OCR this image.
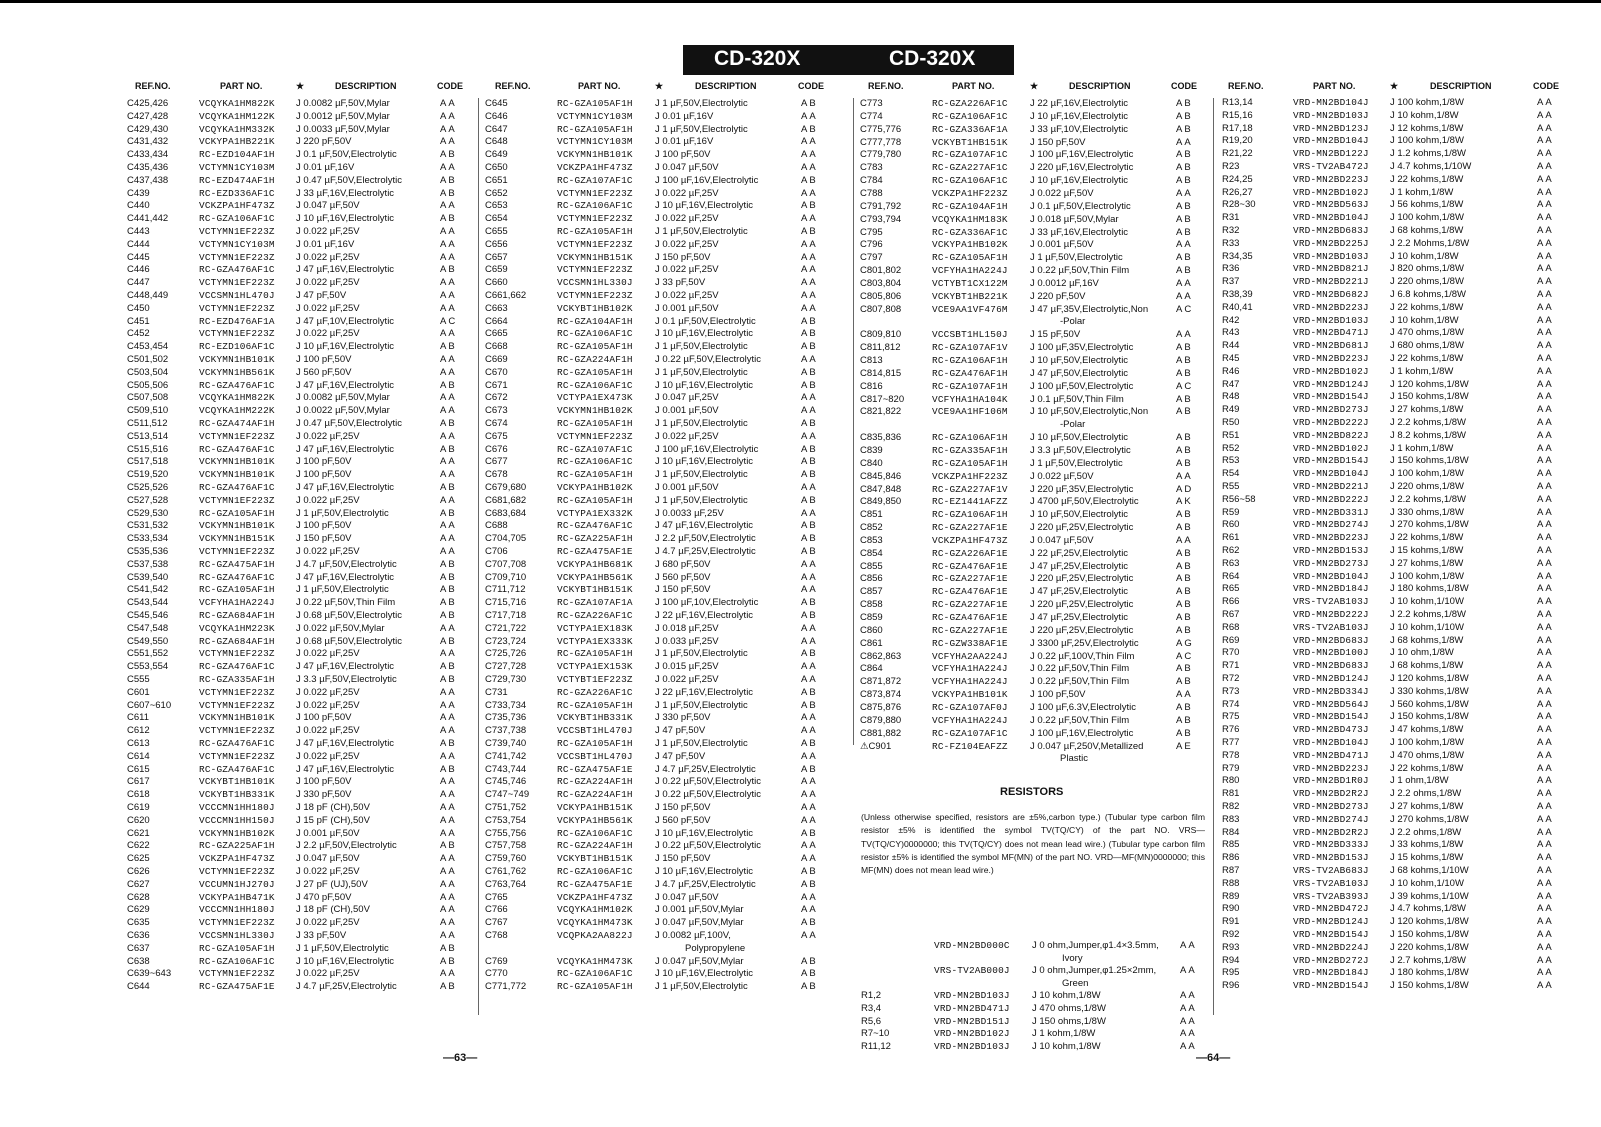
CD-320X	CD-320X
REF.NO.	PART NO.	★	DESCRIPTION	CODE	REF.NO.	PART NO.	★	DESCRIPTION	CODE	REF.NO.	PART NO.	★	DESCRIPTION	CODE	REF.NO.	PART NO.	★	DESCRIPTION	CODE
C425,426	VCQYKA1HM822K J 0.0082 µF,50V,Mylar	AA
C427,428	VCQYKA1HM122K J 0.0012 µF,50V,Mylar	AA
C429,430	VCQYKA1HM332K J 0.0033 µF,50V,Mylar	AA
C431,432	VCKYPA1HB221K J 220 pF,50V	AA
C433,434	RC-EZD104AF1H J 0.1 µF,50V,Electrolytic	AB
C435,436	VCTYMN1CY103M J 0.01 µF,16V	AA
C437,438	RC-EZD474AF1H J 0.47 µF,50V,Electrolytic	AB
C439	RC-EZD336AF1C J 33 µF,16V,Electrolytic	AB
C440	VCKZPA1HF473Z J 0.047 µF,50V	AA
C441,442	RC-GZA106AF1C J 10 µF,16V,Electrolytic	AB
C443	VCTYMN1EF223Z J 0.022 µF,25V	AA
C444	VCTYMN1CY103M J 0.01 µF,16V	AA
C445	VCTYMN1EF223Z J 0.022 µF,25V	AA
C446	RC-GZA476AF1C J 47 µF,16V,Electrolytic	AB
C447	VCTYMN1EF223Z J 0.022 µF,25V	AA
C448,449	VCCSMN1HL470J J 47 pF,50V	AA
C450	VCTYMN1EF223Z J 0.022 µF,25V	AA
C451	RC-EZD476AF1A J 47 µF,10V,Electrolytic	AC
C452	VCTYMN1EF223Z J 0.022 µF,25V	AA
C453,454	RC-EZD106AF1C J 10 µF,16V,Electrolytic	AB
C501,502	VCKYMN1HB101K J 100 pF,50V	AA
C503,504	VCKYMN1HB561K J 560 pF,50V	AA
C505,506	RC-GZA476AF1C J 47 µF,16V,Electrolytic	AB
C507,508	VCQYKA1HM822K J 0.0082 µF,50V,Mylar	AA
C509,510	VCQYKA1HM222K J 0.0022 µF,50V,Mylar	AA
C511,512	RC-GZA474AF1H J 0.47 µF,50V,Electrolytic	AB
C513,514	VCTYMN1EF223Z J 0.022 µF,25V	AA
C515,516	RC-GZA476AF1C J 47 µF,16V,Electrolytic	AB
C517,518	VCKYMN1HB101K J 100 pF,50V	AA
C519,520	VCKYMN1HB101K J 100 pF,50V	AA
C525,526	RC-GZA476AF1C J 47 µF,16V,Electrolytic	AB
C527,528	VCTYMN1EF223Z J 0.022 µF,25V	AA
C529,530	RC-GZA105AF1H J 1 µF,50V,Electrolytic	AB
C531,532	VCKYMN1HB101K J 100 pF,50V	AA
C533,534	VCKYMN1HB151K J 150 pF,50V	AA
C535,536	VCTYMN1EF223Z J 0.022 µF,25V	AA
C537,538	RC-GZA475AF1H J 4.7 µF,50V,Electrolytic	AB
C539,540	RC-GZA476AF1C J 47 µF,16V,Electrolytic	AB
C541,542	RC-GZA105AF1H J 1 µF,50V,Electrolytic	AB
C543,544	VCFYHA1HA224J J 0.22 µF,50V,Thin Film	AB
C545,546	RC-GZA684AF1H J 0.68 µF,50V,Electrolytic	AB
C547,548	VCQYKA1HM223K J 0.022 µF,50V,Mylar	AA
C549,550	RC-GZA684AF1H J 0.68 µF,50V,Electrolytic	AB
C551,552	VCTYMN1EF223Z J 0.022 µF,25V	AA
C553,554	RC-GZA476AF1C J 47 µF,16V,Electrolytic	AB
C555	RC-GZA335AF1H J 3.3 µF,50V,Electrolytic	AB
C601	VCTYMN1EF223Z J 0.022 µF,25V	AA
C607~610	VCTYMN1EF223Z J 0.022 µF,25V	AA
C611	VCKYMN1HB101K J 100 pF,50V	AA
C612	VCTYMN1EF223Z J 0.022 µF,25V	AA
C613	RC-GZA476AF1C J 47 µF,16V,Electrolytic	AB
C614	VCTYMN1EF223Z J 0.022 µF,25V	AA
C615	RC-GZA476AF1C J 47 µF,16V,Electrolytic	AB
C617	VCKYBT1HB101K J 100 pF,50V	AA
C618	VCKYBT1HB331K J 330 pF,50V	AA
C619	VCCCMN1HH180J J 18 pF (CH),50V	AA
C620	VCCCMN1HH150J J 15 pF (CH),50V	AA
C621	VCKYMN1HB102K J 0.001 µF,50V	AA
C622	RC-GZA225AF1H J 2.2 µF,50V,Electrolytic	AB
C625	VCKZPA1HF473Z J 0.047 µF,50V	AA
C626	VCTYMN1EF223Z J 0.022 µF,25V	AA
C627	VCCUMN1HJ270J J 27 pF (UJ),50V	AA
C628	VCKYPA1HB471K J 470 pF,50V	AA
C629	VCCCMN1HH180J J 18 pF (CH),50V	AA
C635	VCTYMN1EF223Z J 0.022 µF,25V	AA
C636	VCCSMN1HL330J J 33 pF,50V	AA
C637	RC-GZA105AF1H J 1 µF,50V,Electrolytic	AB
C638	RC-GZA106AF1C J 10 µF,16V,Electrolytic	AB
C639~643	VCTYMN1EF223Z J 0.022 µF,25V	AA
C644	RC-GZA475AF1E J 4.7 µF,25V,Electrolytic	AB
C645	RC-GZA105AF1H J 1 µF,50V,Electrolytic	AB
C646	VCTYMN1CY103M J 0.01 µF,16V	AA
C647	RC-GZA105AF1H J 1 µF,50V,Electrolytic	AB
C648	VCTYMN1CY103M J 0.01 µF,16V	AA
C649	VCKYMN1HB101K J 100 pF,50V	AA
C650	VCKZPA1HF473Z J 0.047 µF,50V	AA
C651	RC-GZA107AF1C J 100 µF,16V,Electrolytic	AB
C652	VCTYMN1EF223Z J 0.022 µF,25V	AA
C653	RC-GZA106AF1C J 10 µF,16V,Electrolytic	AB
C654	VCTYMN1EF223Z J 0.022 µF,25V	AA
C655	RC-GZA105AF1H J 1 µF,50V,Electrolytic	AB
C656	VCTYMN1EF223Z J 0.022 µF,25V	AA
C657	VCKYMN1HB151K J 150 pF,50V	AA
C659	VCTYMN1EF223Z J 0.022 µF,25V	AA
C660	VCCSMN1HL330J J 33 pF,50V	AA
C661,662	VCTYMN1EF223Z J 0.022 µF,25V	AA
C663	VCKYBT1HB102K J 0.001 µF,50V	AA
C664	RC-GZA104AF1H J 0.1 µF,50V,Electrolytic	AB
C665	RC-GZA106AF1C J 10 µF,16V,Electrolytic	AB
C668	RC-GZA105AF1H J 1 µF,50V,Electrolytic	AB
C669	RC-GZA224AF1H J 0.22 µF,50V,Electrolytic	AA
C670	RC-GZA105AF1H J 1 µF,50V,Electrolytic	AB
C671	RC-GZA106AF1C J 10 µF,16V,Electrolytic	AB
C672	VCTYPA1EX473K J 0.047 µF,25V	AA
C673	VCKYMN1HB102K J 0.001 µF,50V	AA
C674	RC-GZA105AF1H J 1 µF,50V,Electrolytic	AB
C675	VCTYMN1EF223Z J 0.022 µF,25V	AA
C676	RC-GZA107AF1C J 100 µF,16V,Electrolytic	AB
C677	RC-GZA106AF1C J 10 µF,16V,Electrolytic	AB
C678	RC-GZA105AF1H J 1 µF,50V,Electrolytic	AB
C679,680	VCKYPA1HB102K J 0.001 µF,50V	AA
C681,682	RC-GZA105AF1H J 1 µF,50V,Electrolytic	AB
C683,684	VCTYPA1EX332K J 0.0033 µF,25V	AA
C688	RC-GZA476AF1C J 47 µF,16V,Electrolytic	AB
C704,705	RC-GZA225AF1H J 2.2 µF,50V,Electrolytic	AB
C706	RC-GZA475AF1E J 4.7 µF,25V,Electrolytic	AB
C707,708	VCKYPA1HB681K J 680 pF,50V	AA
C709,710	VCKYPA1HB561K J 560 pF,50V	AA
C711,712	VCKYBT1HB151K J 150 pF,50V	AA
C715,716	RC-GZA107AF1A J 100 µF,10V,Electrolytic	AB
C717,718	RC-GZA226AF1C J 22 µF,16V,Electrolytic	AB
C721,722	VCTYPA1EX183K J 0.018 µF,25V	AA
C723,724	VCTYPA1EX333K J 0.033 µF,25V	AA
C725,726	RC-GZA105AF1H J 1 µF,50V,Electrolytic	AB
C727,728	VCTYPA1EX153K J 0.015 µF,25V	AA
C729,730	VCTYBT1EF223Z J 0.022 µF,25V	AA
C731	RC-GZA226AF1C J 22 µF,16V,Electrolytic	AB
C733,734	RC-GZA105AF1H J 1 µF,50V,Electrolytic	AB
C735,736	VCKYBT1HB331K J 330 pF,50V	AA
C737,738	VCCSBT1HL470J J 47 pF,50V	AA
C739,740	RC-GZA105AF1H J 1 µF,50V,Electrolytic	AB
C741,742	VCCSBT1HL470J J 47 pF,50V	AA
C743,744	RC-GZA475AF1E J 4.7 µF,25V,Electrolytic	AB
C745,746	RC-GZA224AF1H J 0.22 µF,50V,Electrolytic	AA
C747~749	RC-GZA224AF1H J 0.22 µF,50V,Electrolytic	AA
C751,752	VCKYPA1HB151K J 150 pF,50V	AA
C753,754	VCKYPA1HB561K J 560 pF,50V	AA
C755,756	RC-GZA106AF1C J 10 µF,16V,Electrolytic	AB
C757,758	RC-GZA224AF1H J 0.22 µF,50V,Electrolytic	AA
C759,760	VCKYBT1HB151K J 150 pF,50V	AA
C761,762	RC-GZA106AF1C J 10 µF,16V,Electrolytic	AB
C763,764	RC-GZA475AF1E J 4.7 µF,25V,Electrolytic	AB
C765	VCKZPA1HF473Z J 0.047 µF,50V	AA
C766	VCQYKA1HM102K J 0.001 µF,50V,Mylar	AA
C767	VCQYKA1HM473K J 0.047 µF,50V,Mylar	AB
C768	VCQPKA2AA822J J 0.0082 µF,100V,	AA
Polypropylene
C769	VCQYKA1HM473K J 0.047 µF,50V,Mylar	AB
C770	RC-GZA106AF1C J 10 µF,16V,Electrolytic	AB
C771,772	RC-GZA105AF1H J 1 µF,50V,Electrolytic	AB
C773	RC-GZA226AF1C J 22 µF,16V,Electrolytic	AB
C774	RC-GZA106AF1C J 10 µF,16V,Electrolytic	AB
C775,776	RC-GZA336AF1A J 33 µF,10V,Electrolytic	AB
C777,778	VCKYBT1HB151K J 150 pF,50V	AA
C779,780	RC-GZA107AF1C J 100 µF,16V,Electrolytic	AB
C783	RC-GZA227AF1C J 220 µF,16V,Electrolytic	AB
C784	RC-GZA106AF1C J 10 µF,16V,Electrolytic	AB
C788	VCKZPA1HF223Z J 0.022 µF,50V	AA
C791,792	RC-GZA104AF1H J 0.1 µF,50V,Electrolytic	AB
C793,794	VCQYKA1HM183K J 0.018 µF,50V,Mylar	AB
C795	RC-GZA336AF1C J 33 µF,16V,Electrolytic	AB
C796	VCKYPA1HB102K J 0.001 µF,50V	AA
C797	RC-GZA105AF1H J 1 µF,50V,Electrolytic	AB
C801,802	VCFYHA1HA224J J 0.22 µF,50V,Thin Film	AB
C803,804	VCTYBT1CX122M J 0.0012 µF,16V	AA
C805,806	VCKYBT1HB221K J 220 pF,50V	AA
C807,808	VCE9AA1VF476M J 47 µF,35V,Electrolytic,Non	AC
-Polar
C809,810	VCCSBT1HL150J J 15 pF,50V	AA
C811,812	RC-GZA107AF1V J 100 µF,35V,Electrolytic	AB
C813	RC-GZA106AF1H J 10 µF,50V,Electrolytic	AB
C814,815	RC-GZA476AF1H J 47 µF,50V,Electrolytic	AB
C816	RC-GZA107AF1H J 100 µF,50V,Electrolytic	AC
C817~820	VCFYHA1HA104K J 0.1 µF,50V,Thin Film	AB
C821,822	VCE9AA1HF106M J 10 µF,50V,Electrolytic,Non	AB
-Polar
C835,836	RC-GZA106AF1H J 10 µF,50V,Electrolytic	AB
C839	RC-GZA335AF1H J 3.3 µF,50V,Electrolytic	AB
C840	RC-GZA105AF1H J 1 µF,50V,Electrolytic	AB
C845,846	VCKZPA1HF223Z J 0.022 µF,50V	AA
C847,848	RC-GZA227AF1V J 220 µF,35V,Electrolytic	AD
C849,850	RC-EZ1441AFZZ J 4700 µF,50V,Electrolytic	AK
C851	RC-GZA106AF1H J 10 µF,50V,Electrolytic	AB
C852	RC-GZA227AF1E J 220 µF,25V,Electrolytic	AB
C853	VCKZPA1HF473Z J 0.047 µF,50V	AA
C854	RC-GZA226AF1E J 22 µF,25V,Electrolytic	AB
C855	RC-GZA476AF1E J 47 µF,25V,Electrolytic	AB
C856	RC-GZA227AF1E J 220 µF,25V,Electrolytic	AB
C857	RC-GZA476AF1E J 47 µF,25V,Electrolytic	AB
C858	RC-GZA227AF1E J 220 µF,25V,Electrolytic	AB
C859	RC-GZA476AF1E J 47 µF,25V,Electrolytic	AB
C860	RC-GZA227AF1E J 220 µF,25V,Electrolytic	AB
C861	RC-GZW338AF1E J 3300 µF,25V,Electrolytic	AG
C862,863	VCFYHA2AA224J J 0.22 µF,100V,Thin Film	AC
C864	VCFYHA1HA224J J 0.22 µF,50V,Thin Film	AB
C871,872	VCFYHA1HA224J J 0.22 µF,50V,Thin Film	AB
C873,874	VCKYPA1HB101K J 100 pF,50V	AA
C875,876	RC-GZA107AF0J J 100 µF,6.3V,Electrolytic	AB
C879,880	VCFYHA1HA224J J 0.22 µF,50V,Thin Film	AB
C881,882	RC-GZA107AF1C J 100 µF,16V,Electrolytic	AB
⚠C901	RC-FZ104EAFZZ J 0.047 µF,250V,Metallized	AE
Plastic
VRD-MN2BD000C J 0 ohm,Jumper,φ1.4×3.5mm, AA
Ivory
VRS-TV2AB000J J 0 ohm,Jumper,φ1.25×2mm,	AA
Green
R1,2	VRD-MN2BD103J J 10 kohm,1/8W	AA
R3,4	VRD-MN2BD471J J 470 ohms,1/8W	AA
R5,6	VRD-MN2BD151J J 150 ohms,1/8W	AA
R7~10	VRD-MN2BD102J J 1 kohm,1/8W	AA
R11,12	VRD-MN2BD103J J 10 kohm,1/8W	AA
R13,14	VRD-MN2BD104J J 100 kohm,1/8W	AA
R15,16	VRD-MN2BD103J J 10 kohm,1/8W	AA
R17,18	VRD-MN2BD123J J 12 kohms,1/8W	AA
R19,20	VRD-MN2BD104J J 100 kohm,1/8W	AA
R21,22	VRD-MN2BD122J J 1.2 kohms,1/8W	AA
R23	VRS-TV2AB472J J 4.7 kohms,1/10W	AA
R24,25	VRD-MN2BD223J J 22 kohms,1/8W	AA
R26,27	VRD-MN2BD102J J 1 kohm,1/8W	AA
R28~30	VRD-MN2BD563J J 56 kohms,1/8W	AA
R31	VRD-MN2BD104J J 100 kohm,1/8W	AA
R32	VRD-MN2BD683J J 68 kohms,1/8W	AA
R33	VRD-MN2BD225J J 2.2 Mohms,1/8W	AA
R34,35	VRD-MN2BD103J J 10 kohm,1/8W	AA
R36	VRD-MN2BD821J J 820 ohms,1/8W	AA
R37	VRD-MN2BD221J J 220 ohms,1/8W	AA
R38,39	VRD-MN2BD682J J 6.8 kohms,1/8W	AA
R40,41	VRD-MN2BD223J J 22 kohms,1/8W	AA
R42	VRD-MN2BD103J J 10 kohm,1/8W	AA
R43	VRD-MN2BD471J J 470 ohms,1/8W	AA
R44	VRD-MN2BD681J J 680 ohms,1/8W	AA
R45	VRD-MN2BD223J J 22 kohms,1/8W	AA
R46	VRD-MN2BD102J J 1 kohm,1/8W	AA
R47	VRD-MN2BD124J J 120 kohms,1/8W	AA
R48	VRD-MN2BD154J J 150 kohms,1/8W	AA
R49	VRD-MN2BD273J J 27 kohms,1/8W	AA
R50	VRD-MN2BD222J J 2.2 kohms,1/8W	AA
R51	VRD-MN2BD822J J 8.2 kohms,1/8W	AA
R52	VRD-MN2BD102J J 1 kohm,1/8W	AA
R53	VRD-MN2BD154J J 150 kohms,1/8W	AA
R54	VRD-MN2BD104J J 100 kohm,1/8W	AA
R55	VRD-MN2BD221J J 220 ohms,1/8W	AA
R56~58	VRD-MN2BD222J J 2.2 kohms,1/8W	AA
R59	VRD-MN2BD331J J 330 ohms,1/8W	AA
R60	VRD-MN2BD274J J 270 kohms,1/8W	AA
R61	VRD-MN2BD223J J 22 kohms,1/8W	AA
R62	VRD-MN2BD153J J 15 kohms,1/8W	AA
R63	VRD-MN2BD273J J 27 kohms,1/8W	AA
R64	VRD-MN2BD104J J 100 kohm,1/8W	AA
R65	VRD-MN2BD184J J 180 kohms,1/8W	AA
R66	VRS-TV2AB103J J 10 kohm,1/10W	AA
R67	VRD-MN2BD222J J 2.2 kohms,1/8W	AA
R68	VRS-TV2AB103J J 10 kohm,1/10W	AA
R69	VRD-MN2BD683J J 68 kohms,1/8W	AA
R70	VRD-MN2BD100J J 10 ohm,1/8W	AA
R71	VRD-MN2BD683J J 68 kohms,1/8W	AA
R72	VRD-MN2BD124J J 120 kohms,1/8W	AA
R73	VRD-MN2BD334J J 330 kohms,1/8W	AA
R74	VRD-MN2BD564J J 560 kohms,1/8W	AA
R75	VRD-MN2BD154J J 150 kohms,1/8W	AA
R76	VRD-MN2BD473J J 47 kohms,1/8W	AA
R77	VRD-MN2BD104J J 100 kohm,1/8W	AA
R78	VRD-MN2BD471J J 470 ohms,1/8W	AA
R79	VRD-MN2BD223J J 22 kohms,1/8W	AA
R80	VRD-MN2BD1R0J J 1 ohm,1/8W	AA
R81	VRD-MN2BD2R2J J 2.2 ohms,1/8W	AA
R82	VRD-MN2BD273J J 27 kohms,1/8W	AA
R83	VRD-MN2BD274J J 270 kohms,1/8W	AA
R84	VRD-MN2BD2R2J J 2.2 ohms,1/8W	AA
R85	VRD-MN2BD333J J 33 kohms,1/8W	AA
R86	VRD-MN2BD153J J 15 kohms,1/8W	AA
R87	VRS-TV2AB683J J 68 kohms,1/10W	AA
R88	VRS-TV2AB103J J 10 kohm,1/10W	AA
R89	VRS-TV2AB393J J 39 kohms,1/10W	AA
R90	VRD-MN2BD472J J 4.7 kohms,1/8W	AA
R91	VRD-MN2BD124J J 120 kohms,1/8W	AA
R92	VRD-MN2BD154J J 150 kohms,1/8W	AA
R93	VRD-MN2BD224J J 220 kohms,1/8W	AA
R94	VRD-MN2BD272J J 2.7 kohms,1/8W	AA
R95	VRD-MN2BD184J J 180 kohms,1/8W	AA
R96	VRD-MN2BD154J J 150 kohms,1/8W	AA
RESISTORS
(Unless otherwise specified, resistors are ±5%,carbon type.) (Tubular type carbon film resistor ±5% is identified the symbol TV(TQ/CY) of the part NO. VRS—TV(TQ/CY)0000000; this TV(TQ/CY) does not mean lead wire.) (Tubular type carbon film resistor ±5% is identified the symbol MF(MN) of the part NO. VRD—MF(MN)0000000; this MF(MN) does not mean lead wire.)
—63—	—64—
